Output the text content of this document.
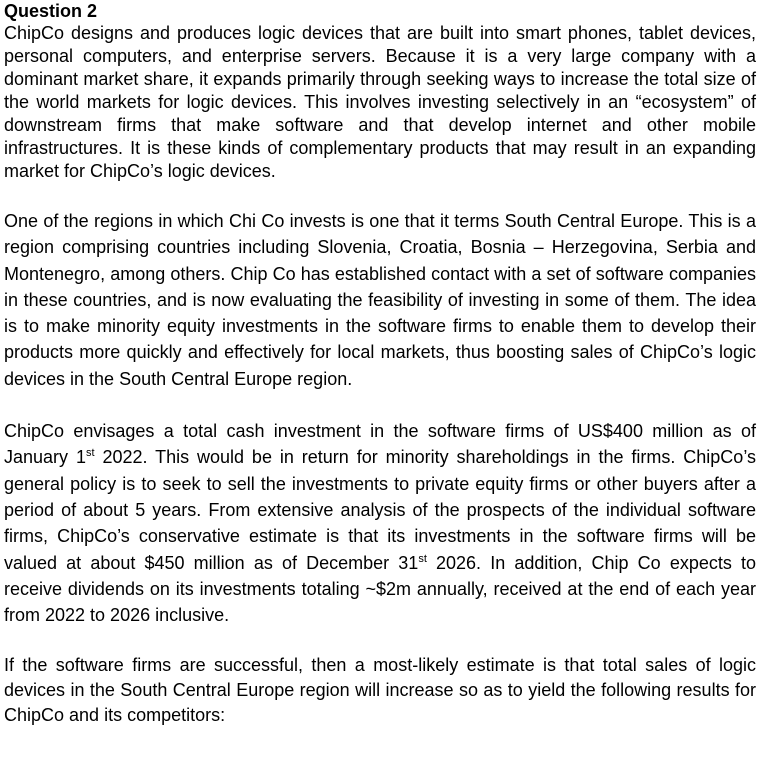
Question 2

ChipCo designs and produces logic devices that are built into smart phones, tablet devices, personal computers, and enterprise servers. Because it is a very large company with a dominant market share, it expands primarily through seeking ways to increase the total size of the world markets for logic devices. This involves investing selectively in an “ecosystem” of downstream firms that make software and that develop internet and other mobile infrastructures. It is these kinds of complementary products that may result in an expanding market for ChipCo’s logic devices.

One of the regions in which Chi Co invests is one that it terms South Central Europe. This is a region comprising countries including Slovenia, Croatia, Bosnia – Herzegovina, Serbia and Montenegro, among others. Chip Co has established contact with a set of software companies in these countries, and is now evaluating the feasibility of investing in some of them. The idea is to make minority equity investments in the software firms to enable them to develop their products more quickly and effectively for local markets, thus boosting sales of ChipCo’s logic devices in the South Central Europe region.

ChipCo envisages a total cash investment in the software firms of US$400 million as of January 1st 2022. This would be in return for minority shareholdings in the firms. ChipCo’s general policy is to seek to sell the investments to private equity firms or other buyers after a period of about 5 years. From extensive analysis of the prospects of the individual software firms, ChipCo’s conservative estimate is that its investments in the software firms will be valued at about $450 million as of December 31st 2026. In addition, Chip Co expects to receive dividends on its investments totaling ~$2m annually, received at the end of each year from 2022 to 2026 inclusive.

If the software firms are successful, then a most-likely estimate is that total sales of logic devices in the South Central Europe region will increase so as to yield the following results for ChipCo and its competitors:
